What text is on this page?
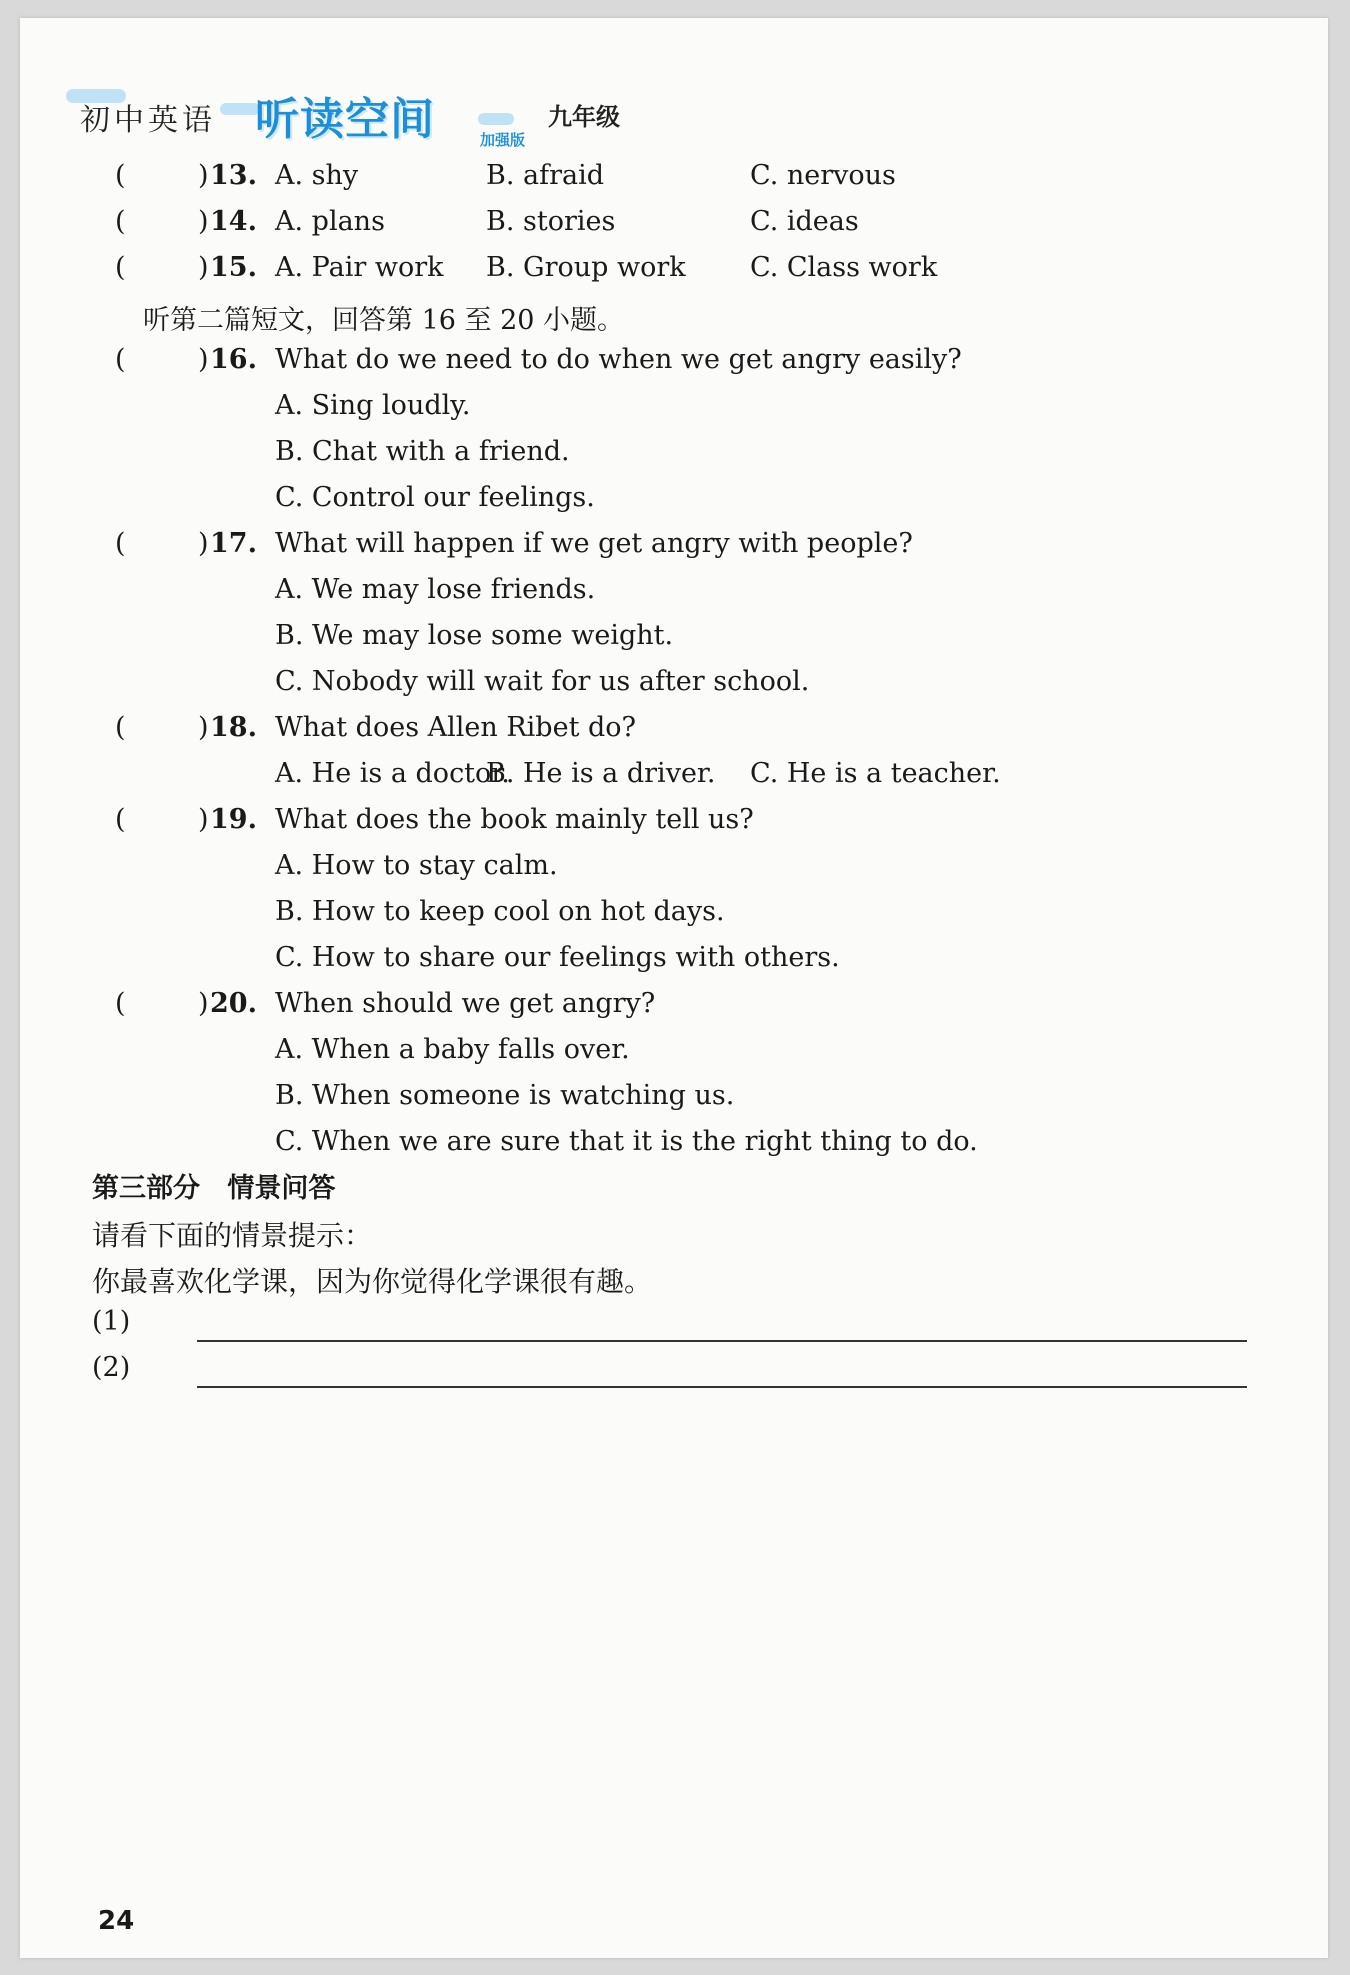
初中英语 听读空间	加强版
九年级
(	) 13. A. shy	B. afraid	C. nervous
(	) 14. A. plans	B. stories	C. ideas
(	) 15. A. Pair work B. Group work C. Class work
听第二篇短文，回答第 16 至 20 小题。
(	) 16. What do we need to do when we get angry easily?
A. Sing loudly.
B. Chat with a friend.
C. Control our feelings.
(	) 17. What will happen if we get angry with people?
A. We may lose friends.
B. We may lose some weight.
C. Nobody will wait for us after school.
(	) 18. What does Allen Ribet do?
A. He is a doctor.
B. He is a driver. C. He is a teacher.
(	) 19. What does the book mainly tell us?
A. How to stay calm.
B. How to keep cool on hot days.
C. How to share our feelings with others.
(	) 20. When should we get angry?
A. When a baby falls over.
B. When someone is watching us.
C. When we are sure that it is the right thing to do.
第三部分 情景问答
请看下面的情景提示：
你最喜欢化学课，因为你觉得化学课很有趣。
(1)
(2)
24
